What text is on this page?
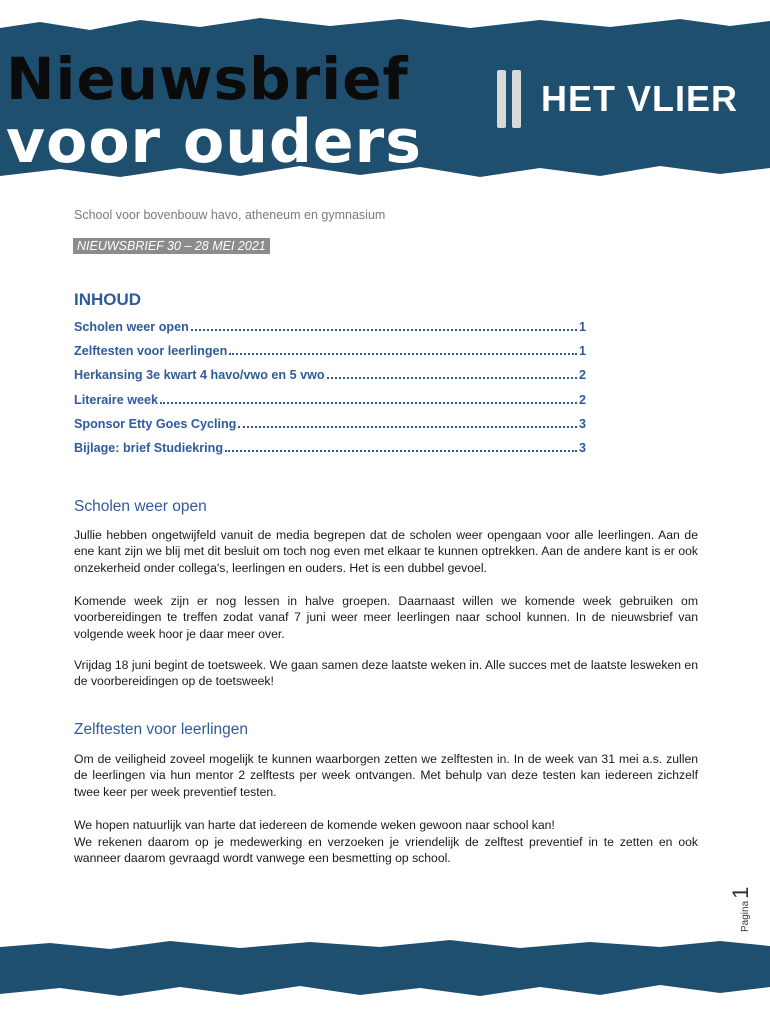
Nieuwsbrief
voor ouders
HET VLIER
School voor bovenbouw havo, atheneum en gymnasium
NIEUWSBRIEF 30 – 28 MEI 2021
INHOUD
Scholen weer open	1
Zelftesten voor leerlingen	1
Herkansing 3e kwart 4 havo/vwo en 5 vwo	2
Literaire week	2
Sponsor Etty Goes Cycling	3
Bijlage: brief Studiekring	3
Scholen weer open
Jullie hebben ongetwijfeld vanuit de media begrepen dat de scholen weer opengaan voor alle leerlingen. Aan de ene kant zijn we blij met dit besluit om toch nog even met elkaar te kunnen optrekken. Aan de andere kant is er ook onzekerheid onder collega's, leerlingen en ouders. Het is een dubbel gevoel.
Komende week zijn er nog lessen in halve groepen. Daarnaast willen we komende week gebruiken om voorbereidingen te treffen zodat vanaf 7 juni weer meer leerlingen naar school kunnen. In de nieuwsbrief van volgende week hoor je daar meer over.
Vrijdag 18 juni begint de toetsweek. We gaan samen deze laatste weken in. Alle succes met de laatste lesweken en de voorbereidingen op de toetsweek!
Zelftesten voor leerlingen
Om de veiligheid zoveel mogelijk te kunnen waarborgen zetten we zelftesten in. In de week van 31 mei a.s. zullen de leerlingen via hun mentor 2 zelftests per week ontvangen. Met behulp van deze testen kan iedereen zichzelf twee keer per week preventief testen.
We hopen natuurlijk van harte dat iedereen de komende weken gewoon naar school kan!
We rekenen daarom op je medewerking en verzoeken je vriendelijk de zelftest preventief in te zetten en ook wanneer daarom gevraagd wordt vanwege een besmetting op school.
Pagina1
